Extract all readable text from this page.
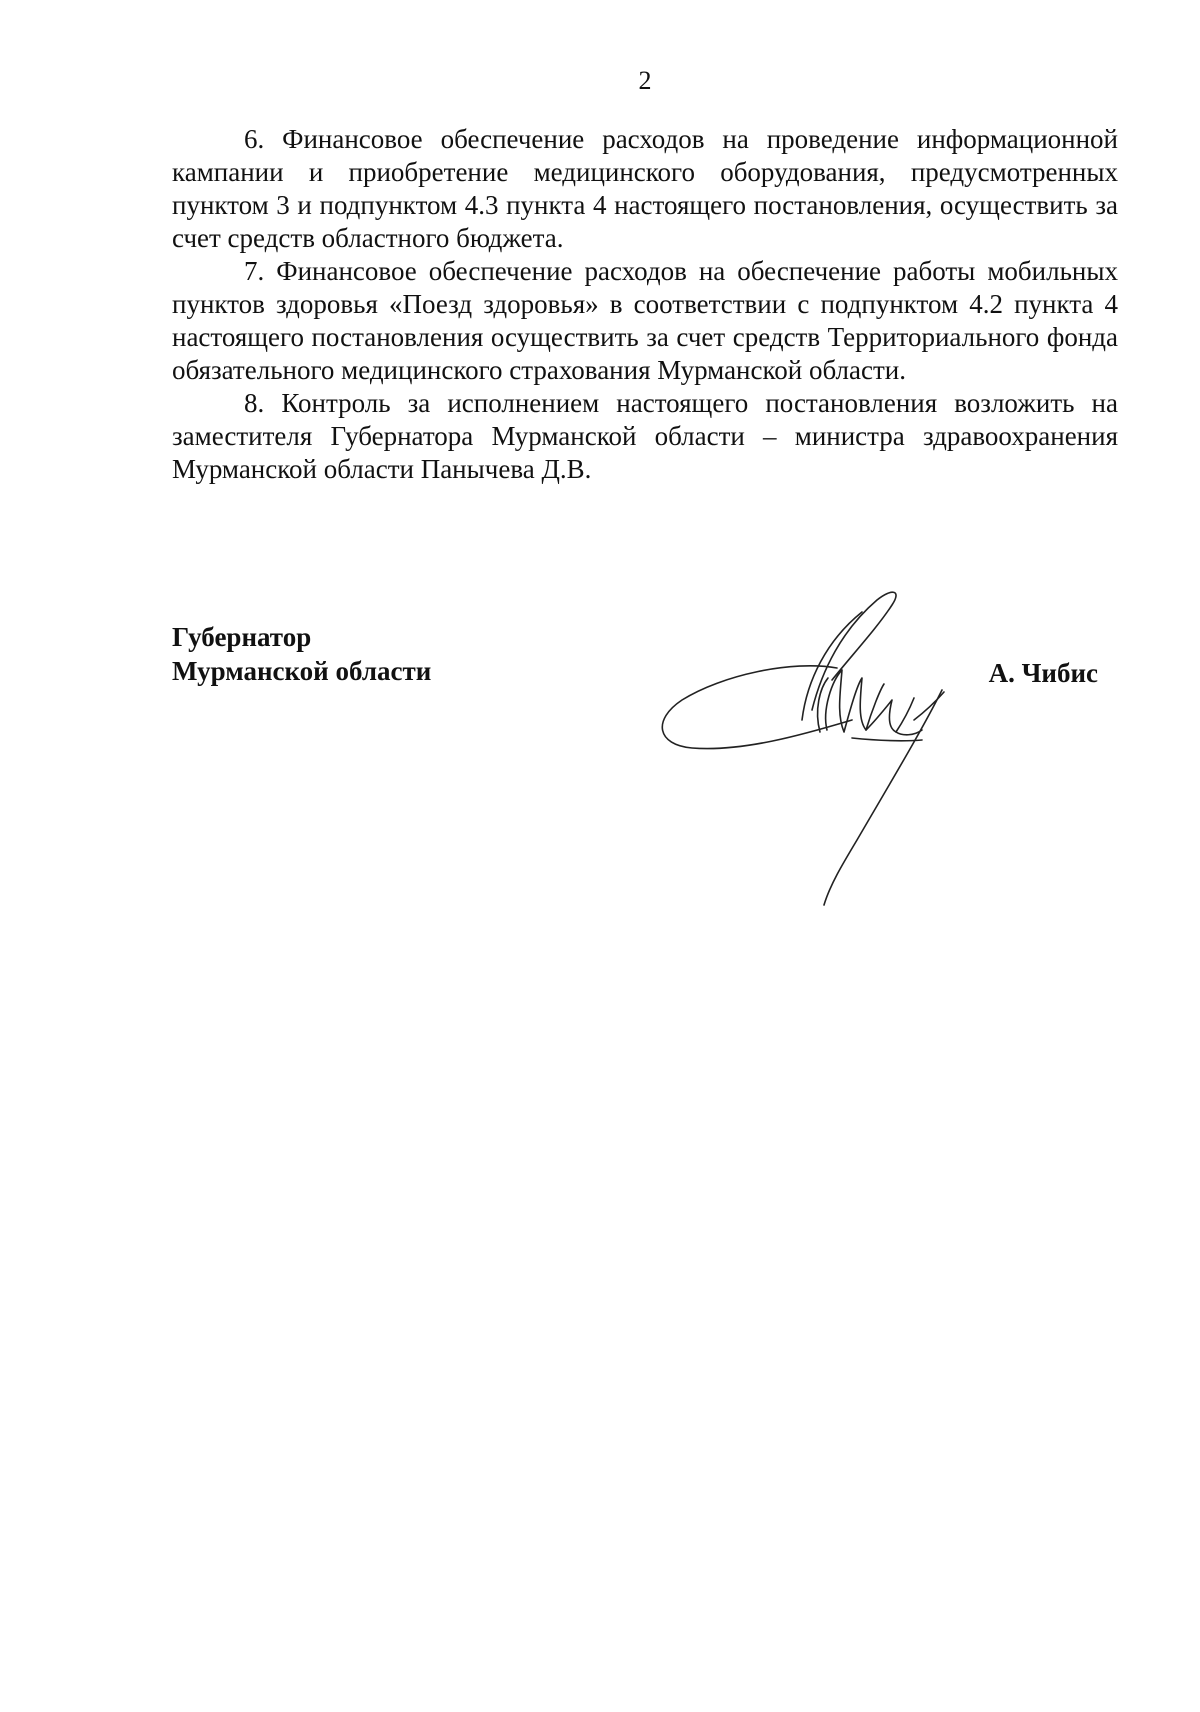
2

6. Финансовое обеспечение расходов на проведение информационной кампании и приобретение медицинского оборудования, предусмотренных пунктом 3 и подпунктом 4.3 пункта 4 настоящего постановления, осуществить за счет средств областного бюджета.

7. Финансовое обеспечение расходов на обеспечение работы мобильных пунктов здоровья «Поезд здоровья» в соответствии с подпунктом 4.2 пункта 4 настоящего постановления осуществить за счет средств Территориального фонда обязательного медицинского страхования Мурманской области.

8. Контроль за исполнением настоящего постановления возложить на заместителя Губернатора Мурманской области – министра здравоохранения Мурманской области Панычева Д.В.

Губернатор
Мурманской области	А. Чибис
